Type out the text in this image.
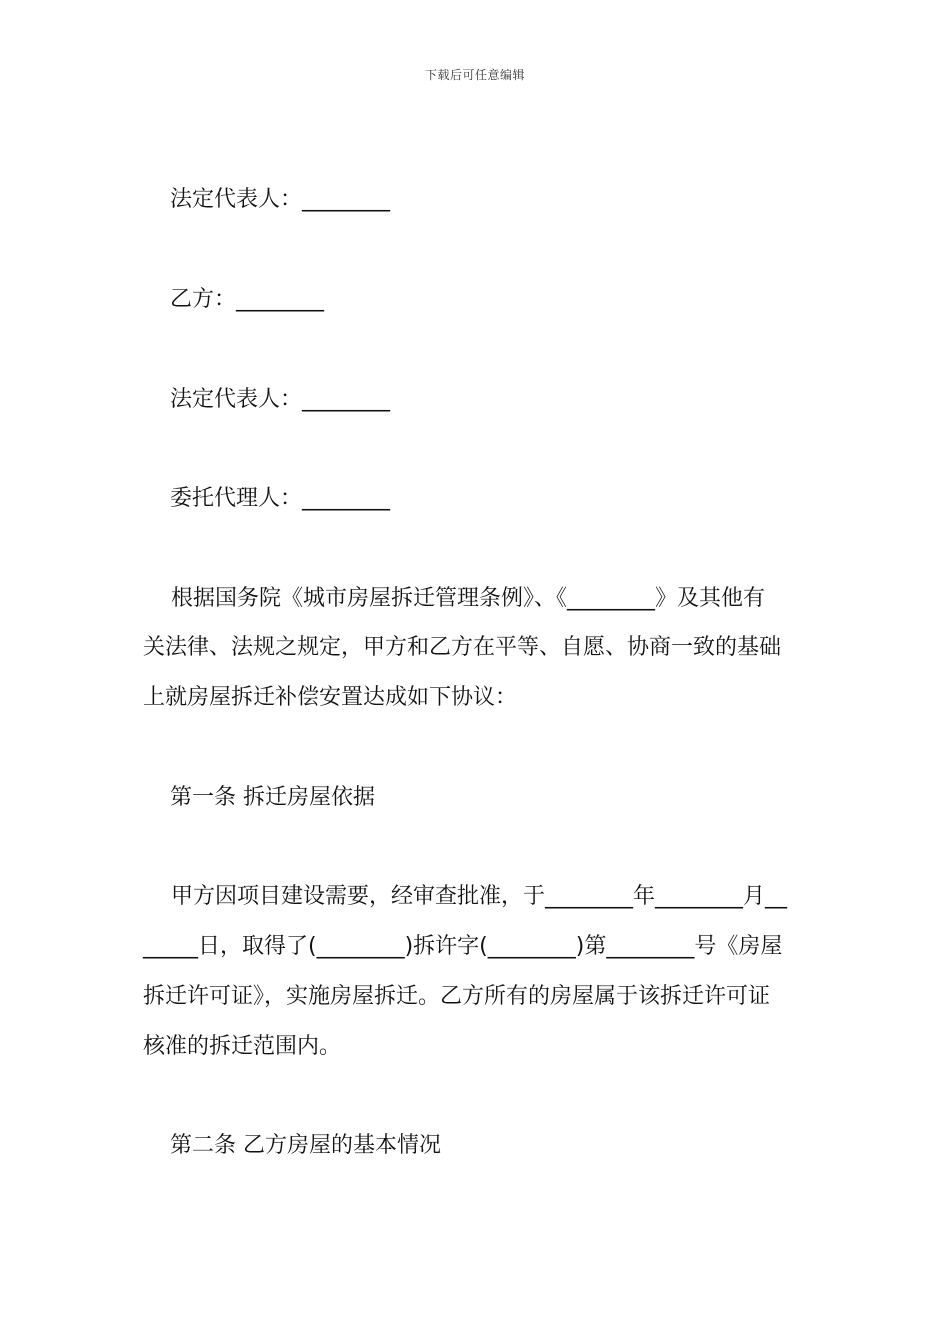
下载后可任意编辑
法定代表人：________
乙方：________
法定代表人：________
委托代理人：________
根据国务院《城市房屋拆迁管理条例》、《________》及其他有
关法律、法规之规定，甲方和乙方在平等、自愿、协商一致的基础
上就房屋拆迁补偿安置达成如下协议：
第一条 拆迁房屋依据
甲方因项目建设需要，经审查批准，于________年________月__
_____日，取得了(________)拆许字(________)第________号《房屋
拆迁许可证》，实施房屋拆迁。乙方所有的房屋属于该拆迁许可证
核准的拆迁范围内。
第二条 乙方房屋的基本情况
